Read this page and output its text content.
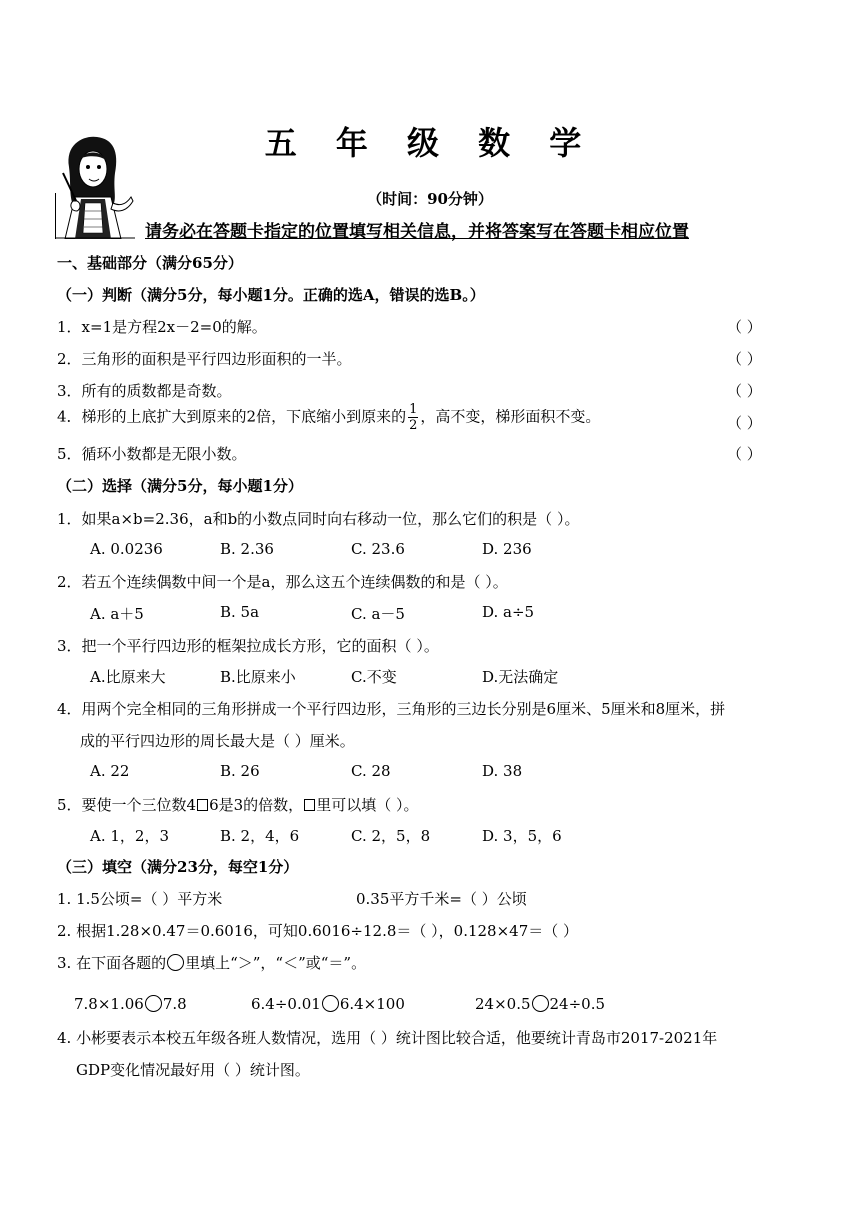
五 年 级 数 学
（时间：90分钟）
请务必在答题卡指定的位置填写相关信息，并将答案写在答题卡相应位置
一、基础部分（满分65分）
（一）判断（满分5分，每小题1分。正确的选A，错误的选B。）
1．x=1是方程2x－2=0的解。	（ ）
2．三角形的面积是平行四边形面积的一半。	（ ）
3．所有的质数都是奇数。	（ ）
4．梯形的上底扩大到原来的2倍，下底缩小到原来的 $\frac{1}{2}$ ，高不变，梯形面积不变。	（ ）
5．循环小数都是无限小数。	（ ）
（二）选择（满分5分，每小题1分）
1．如果a×b=2.36，a和b的小数点同时向右移动一位，那么它们的积是（ ）。
A. 0.0236	B. 2.36	C. 23.6	D. 236
2．若五个连续偶数中间一个是a，那么这五个连续偶数的和是（ ）。
A. a＋5	B. 5a	C. a－5	D. a÷5
3．把一个平行四边形的框架拉成长方形，它的面积（ ）。
A.比原来大	B.比原来小	C.不变	D.无法确定
4．用两个完全相同的三角形拼成一个平行四边形，三角形的三边长分别是6厘米、5厘米和8厘米，拼
成的平行四边形的周长最大是（ ）厘米。
A. 22	B. 26	C. 28	D. 38
5．要使一个三位数4 6是3的倍数， 里可以填（ ）。
A. 1，2，3	B. 2，4，6	C. 2，5，8	D. 3，5，6
（三）填空（满分23分，每空1分）
1. 1.5公顷=（ ）平方米	0.35平方千米=（ ）公顷
2. 根据1.28×0.47＝0.6016，可知0.6016÷12.8＝（ ），0.128×47＝（ ）
3. 在下面各题的 里填上“＞”，“＜”或“＝”。
7.8×1.06 7.8	6.4÷0.01 6.4×100	24×0.5 24÷0.5
4. 小彬要表示本校五年级各班人数情况，选用（ ）统计图比较合适，他要统计青岛市2017-2021年
GDP变化情况最好用（ ）统计图。
